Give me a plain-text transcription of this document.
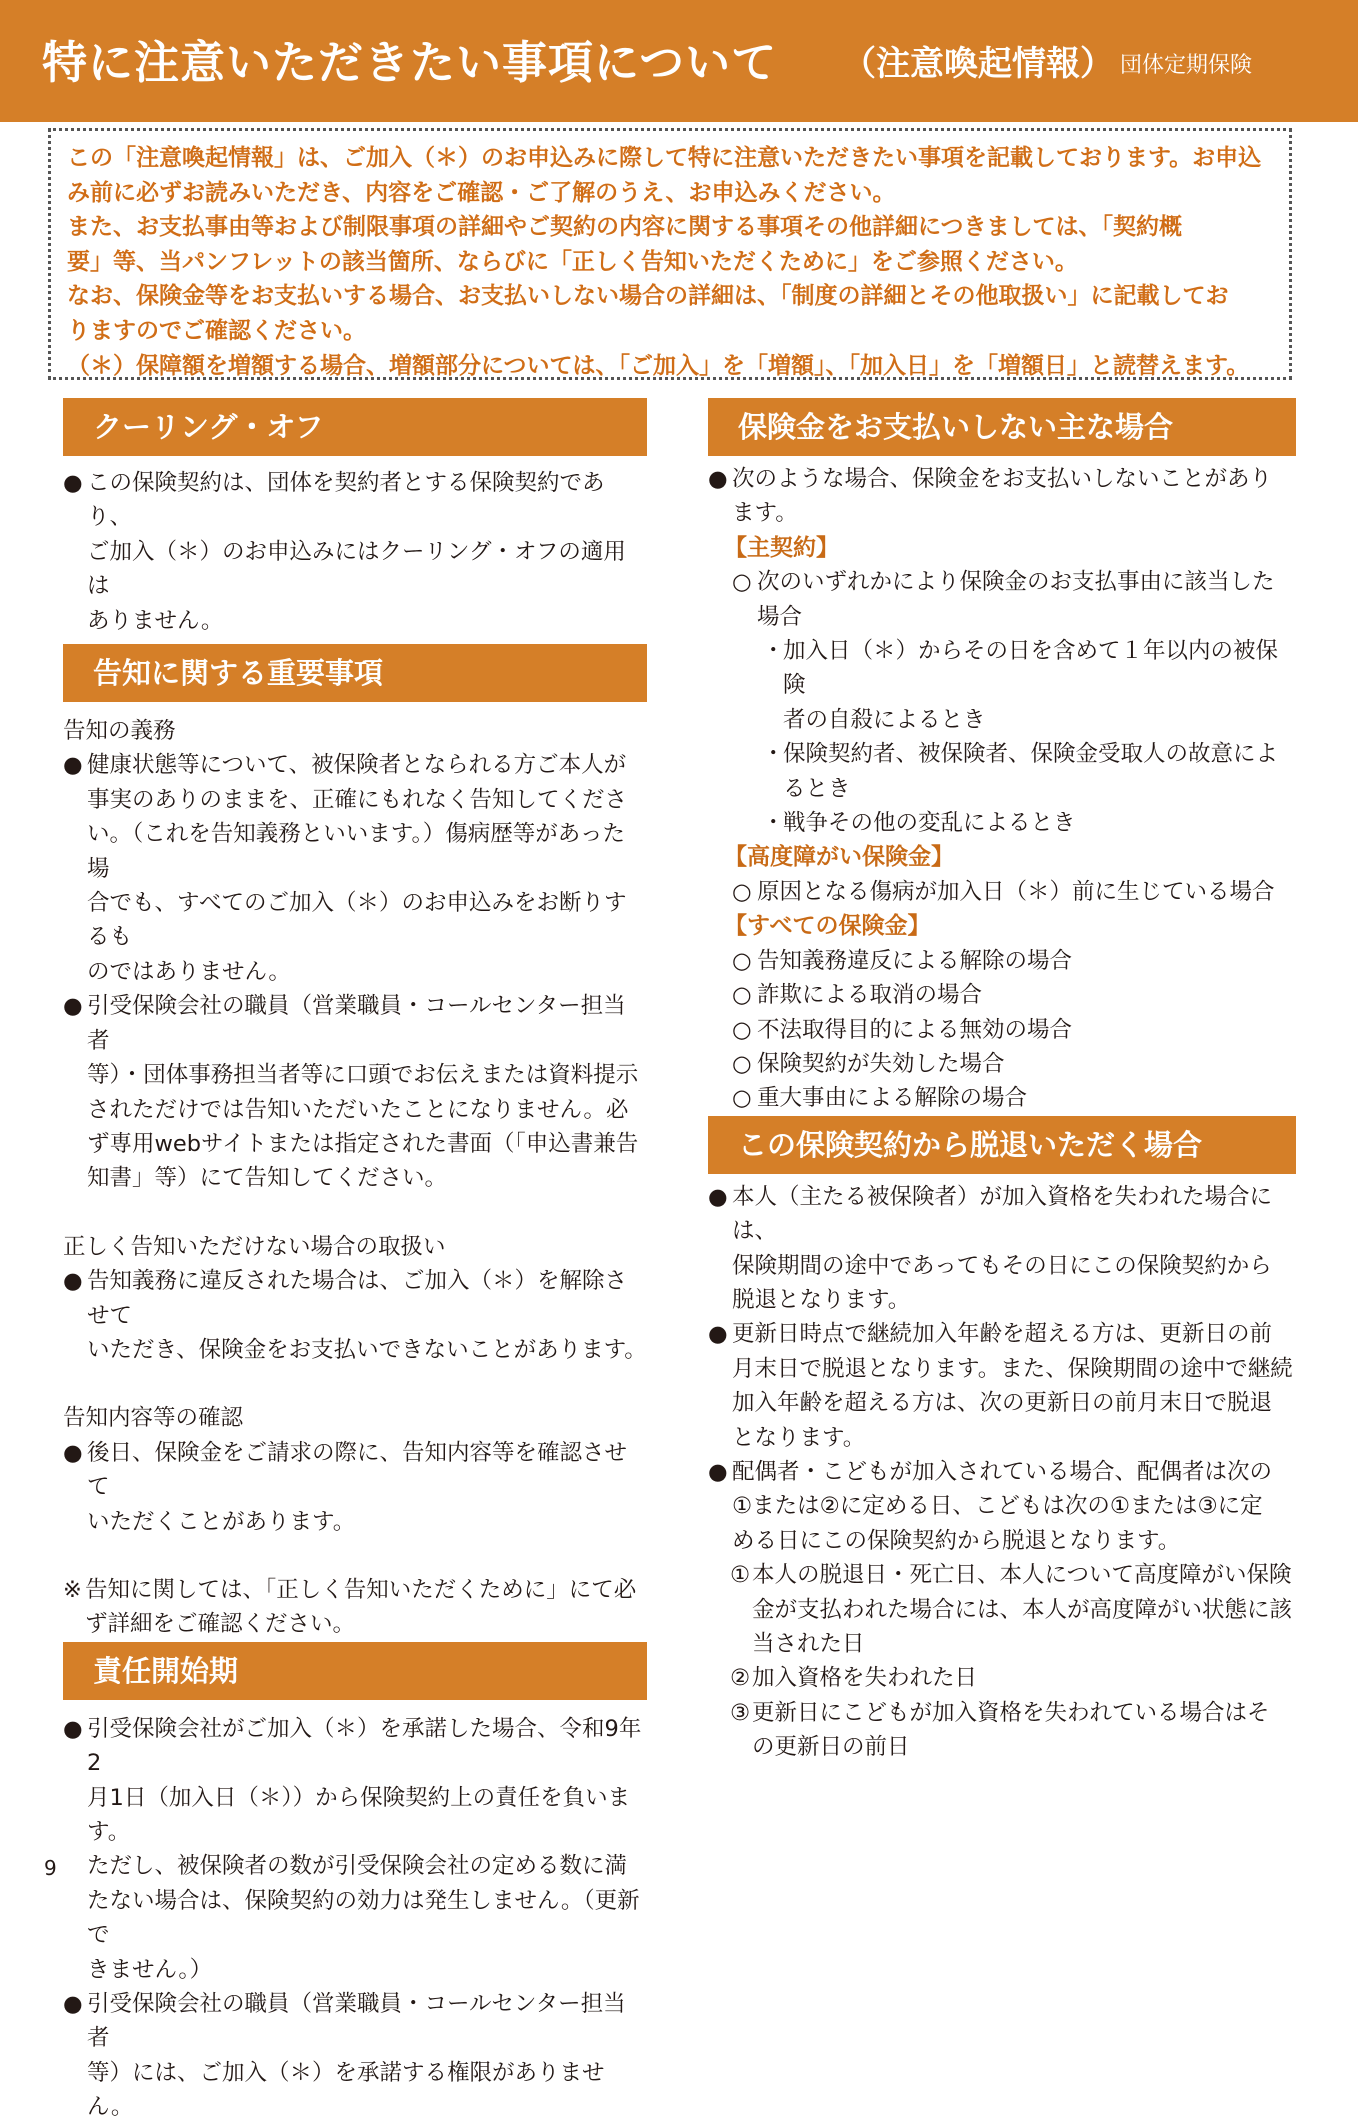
特に注意いただきたい事項について （注意喚起情報） 団体定期保険

この「注意喚起情報」は、ご加入（＊）のお申込みに際して特に注意いただきたい事項を記載しております。お申込

み前に必ずお読みいただき、内容をご確認・ご了解のうえ、お申込みください。

また、お支払事由等および制限事項の詳細やご契約の内容に関する事項その他詳細につきましては、「契約概

要」等、当パンフレットの該当箇所、ならびに「正しく告知いただくために」をご参照ください。

なお、保険金等をお支払いする場合、お支払いしない場合の詳細は、「制度の詳細とその他取扱い」に記載してお

りますのでご確認ください。

（＊）保障額を増額する場合、増額部分については、「ご加入」を「増額」、「加入日」を「増額日」と読替えます。

クーリング・オフ
● この保険契約は、団体を契約者とする保険契約であり、

ご加入（＊）のお申込みにはクーリング・オフの適用は

ありません。

告知に関する重要事項

告知の義務

● 健康状態等について、被保険者となられる方ご本人が

事実のありのままを、正確にもれなく告知してくださ

い。（これを告知義務といいます。）傷病歴等があった場

合でも、すべてのご加入（＊）のお申込みをお断りするも

のではありません。

● 引受保険会社の職員（営業職員・コールセンター担当者

等）・団体事務担当者等に口頭でお伝えまたは資料提示

されただけでは告知いただいたことになりません。必

ず専用webサイトまたは指定された書面（「申込書兼告

知書」等）にて告知してください。

正しく告知いただけない場合の取扱い

● 告知義務に違反された場合は、ご加入（＊）を解除させて

いただき、保険金をお支払いできないことがあります。

告知内容等の確認

● 後日、保険金をご請求の際に、告知内容等を確認させて

いただくことがあります。

※ 告知に関しては、「正しく告知いただくために」にて必

ず詳細をご確認ください。

責任開始期
● 引受保険会社がご加入（＊）を承諾した場合、令和9年2

月1日（加入日（＊））から保険契約上の責任を負います。

ただし、被保険者の数が引受保険会社の定める数に満

たない場合は、保険契約の効力は発生しません。（更新で

きません。）

● 引受保険会社の職員（営業職員・コールセンター担当者

等）には、ご加入（＊）を承諾する権限がありません。

保険金をお支払いしない主な場合
● 次のような場合、保険金をお支払いしないことがあり

ます。

【主契約】

○ 次のいずれかにより保険金のお支払事由に該当した

場合

・

加入日（＊）からその日を含めて１年以内の被保険

者の自殺によるとき

・

保険契約者、被保険者、保険金受取人の故意によ

るとき

・

戦争その他の変乱によるとき

【高度障がい保険金】

○ 原因となる傷病が加入日（＊）前に生じている場合

【すべての保険金】

○ 告知義務違反による解除の場合

○ 詐欺による取消の場合

○ 不法取得目的による無効の場合

○ 保険契約が失効した場合

○ 重大事由による解除の場合

この保険契約から脱退いただく場合
● 本人（主たる被保険者）が加入資格を失われた場合には、

保険期間の途中であってもその日にこの保険契約から

脱退となります。

● 更新日時点で継続加入年齢を超える方は、更新日の前

月末日で脱退となります。また、保険期間の途中で継続

加入年齢を超える方は、次の更新日の前月末日で脱退

となります。

● 配偶者・こどもが加入されている場合、配偶者は次の

①または②に定める日、こどもは次の①または③に定

める日にこの保険契約から脱退となります。

① 本人の脱退日・死亡日、本人について高度障がい保険

金が支払われた場合には、本人が高度障がい状態に該

当された日

② 加入資格を失われた日

③ 更新日にこどもが加入資格を失われている場合はそ

の更新日の前日

9
